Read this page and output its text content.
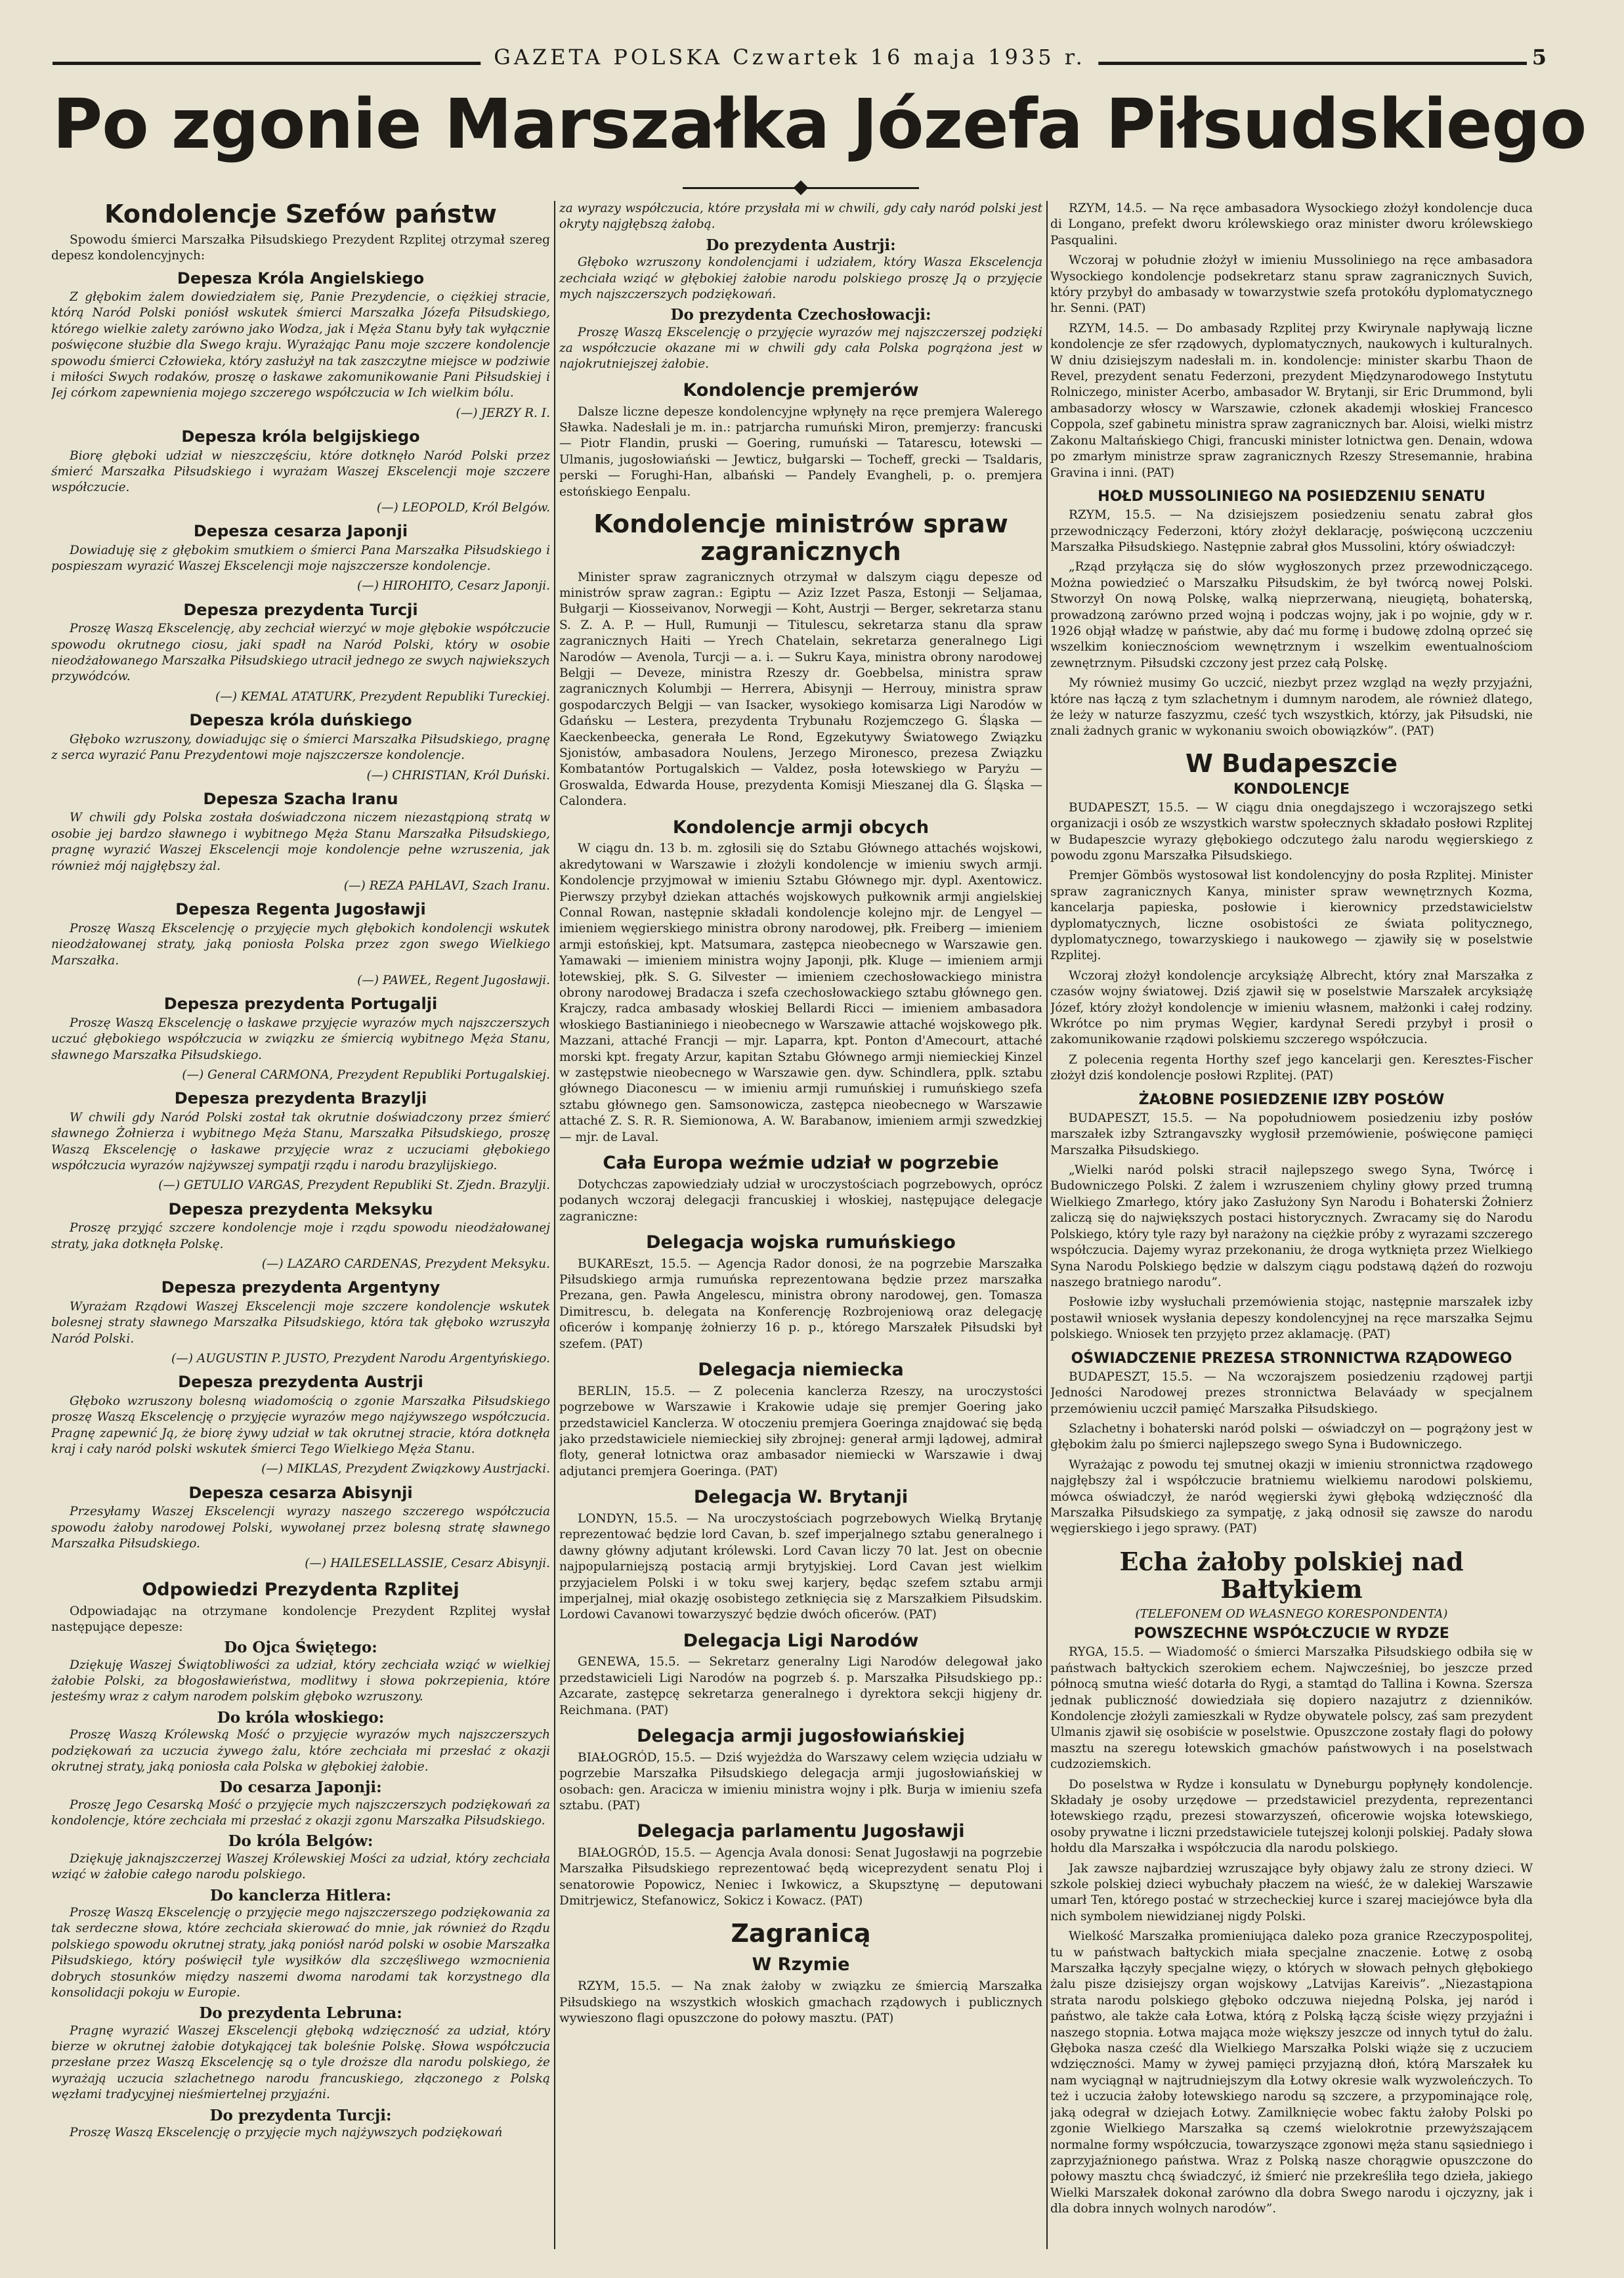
GAZETA POLSKA Czwartek 16 maja 1935 r.	5
Po zgonie Marszałka Józefa Piłsudskiego
Kondolencje Szefów państw

Spowodu śmierci Marszałka Piłsudskiego Prezydent Rzplitej otrzymał szereg depesz kondolencyjnych:

Depesza Króla Angielskiego

Z głębokim żalem dowiedziałem się, Panie Prezydencie, o ciężkiej stracie, którą Naród Polski poniósł wskutek śmierci Marszałka Józefa Piłsudskiego, którego wielkie zalety zarówno jako Wodza, jak i Męża Stanu były tak wyłącznie poświęcone służbie dla Swego kraju. Wyrażając Panu moje szczere kondolencje spowodu śmierci Człowieka, który zasłużył na tak zaszczytne miejsce w podziwie i miłości Swych rodaków, proszę o łaskawe zakomunikowanie Pani Piłsudskiej i Jej córkom zapewnienia mojego szczerego współczucia w Ich wielkim bólu.

(—) JERZY R. I.

Depesza króla belgijskiego

Biorę głęboki udział w nieszczęściu, które dotknęło Naród Polski przez śmierć Marszałka Piłsudskiego i wyrażam Waszej Ekscelencji moje szczere współczucie.

(—) LEOPOLD, Król Belgów.

Depesza cesarza Japonji

Dowiaduję się z głębokim smutkiem o śmierci Pana Marszałka Piłsudskiego i pospieszam wyrazić Waszej Ekscelencji moje najszczersze kondolencje.

(—) HIROHITO, Cesarz Japonji.

Depesza prezydenta Turcji

Proszę Waszą Ekscelencję, aby zechciał wierzyć w moje głębokie współczucie spowodu okrutnego ciosu, jaki spadł na Naród Polski, który w osobie nieodżałowanego Marszałka Piłsudskiego utracił jednego ze swych najwiekszych przywódców.

(—) KEMAL ATATURK, Prezydent Republiki Tureckiej.

Depesza króla duńskiego

Głęboko wzruszony, dowiadując się o śmierci Marszałka Piłsudskiego, pragnę z serca wyrazić Panu Prezydentowi moje najszczersze kondolencje.

(—) CHRISTIAN, Król Duński.

Depesza Szacha Iranu

W chwili gdy Polska została doświadczona niczem niezastąpioną stratą w osobie jej bardzo sławnego i wybitnego Męża Stanu Marszałka Piłsudskiego, pragnę wyrazić Waszej Ekscelencji moje kondolencje pełne wzruszenia, jak również mój najgłębszy żal.

(—) REZA PAHLAVI, Szach Iranu.

Depesza Regenta Jugosławji

Proszę Waszą Ekscelencję o przyjęcie mych głębokich kondolencji wskutek nieodżałowanej straty, jaką poniosła Polska przez zgon swego Wielkiego Marszałka.

(—) PAWEŁ, Regent Jugosławji.

Depesza prezydenta Portugalji

Proszę Waszą Ekscelencję o łaskawe przyjęcie wyrazów mych najszczerszych uczuć głębokiego współczucia w związku ze śmiercią wybitnego Męża Stanu, sławnego Marszałka Piłsudskiego.

(—) General CARMONA, Prezydent Republiki Portugalskiej.

Depesza prezydenta Brazylji

W chwili gdy Naród Polski został tak okrutnie doświadczony przez śmierć sławnego Żołnierza i wybitnego Męża Stanu, Marszałka Piłsudskiego, proszę Waszą Ekscelencję o łaskawe przyjęcie wraz z uczuciami głębokiego współczucia wyrazów najżywszej sympatji rządu i narodu brazylijskiego.

(—) GETULIO VARGAS, Prezydent Republiki St. Zjedn. Brazylji.

Depesza prezydenta Meksyku

Proszę przyjąć szczere kondolencje moje i rządu spowodu nieodżałowanej straty, jaka dotknęła Polskę.

(—) LAZARO CARDENAS, Prezydent Meksyku.

Depesza prezydenta Argentyny

Wyrażam Rządowi Waszej Ekscelencji moje szczere kondolencje wskutek bolesnej straty sławnego Marszałka Piłsudskiego, która tak głęboko wzruszyła Naród Polski.

(—) AUGUSTIN P. JUSTO, Prezydent Narodu Argentyńskiego.

Depesza prezydenta Austrji

Głęboko wzruszony bolesną wiadomością o zgonie Marszałka Piłsudskiego proszę Waszą Ekscelencję o przyjęcie wyrazów mego najżywszego współczucia. Pragnę zapewnić Ją, że biorę żywy udział w tak okrutnej stracie, która dotknęła kraj i cały naród polski wskutek śmierci Tego Wielkiego Męża Stanu.

(—) MIKLAS, Prezydent Związkowy Austrjacki.

Depesza cesarza Abisynji

Przesyłamy Waszej Ekscelencji wyrazy naszego szczerego współczucia spowodu żałoby narodowej Polski, wywołanej przez bolesną stratę sławnego Marszałka Piłsudskiego.

(—) HAILESELLASSIE, Cesarz Abisynji.

Odpowiedzi Prezydenta Rzplitej

Odpowiadając na otrzymane kondolencje Prezydent Rzplitej wysłał następujące depesze:

Do Ojca Świętego:

Dziękuję Waszej Świątobliwości za udział, który zechciała wziąć w wielkiej żałobie Polski, za błogosławieństwa, modlitwy i słowa pokrzepienia, które jesteśmy wraz z całym narodem polskim głęboko wzruszony.

Do króla włoskiego:

Proszę Waszą Królewską Mość o przyjęcie wyrazów mych najszczerszych podziękowań za uczucia żywego żalu, które zechciała mi przesłać z okazji okrutnej straty, jaką poniosła cała Polska w głębokiej żałobie.

Do cesarza Japonji:

Proszę Jego Cesarską Mość o przyjęcie mych najszczerszych podziękowań za kondolencje, które zechciała mi przesłać z okazji zgonu Marszałka Piłsudskiego.

Do króla Belgów:

Dziękuję jaknajszczerzej Waszej Królewskiej Mości za udział, który zechciała wziąć w żałobie całego narodu polskiego.

Do kanclerza Hitlera:

Proszę Waszą Ekscelencję o przyjęcie mego najszczerszego podziękowania za tak serdeczne słowa, które zechciała skierować do mnie, jak również do Rządu polskiego spowodu okrutnej straty, jaką poniósł naród polski w osobie Marszałka Piłsudskiego, który poświęcił tyle wysiłków dla szczęśliwego wzmocnienia dobrych stosunków między naszemi dwoma narodami tak korzystnego dla konsolidacji pokoju w Europie.

Do prezydenta Lebruna:

Pragnę wyrazić Waszej Ekscelencji głęboką wdzięczność za udział, który bierze w okrutnej żałobie dotykającej tak boleśnie Polskę. Słowa współczucia przesłane przez Waszą Ekscelencję są o tyle droższe dla narodu polskiego, że wyrażają uczucia szlachetnego narodu francuskiego, złączonego z Polską węzłami tradycyjnej nieśmiertelnej przyjaźni.

Do prezydenta Turcji:

Proszę Waszą Ekscelencję o przyjęcie mych najżywszych podziękowań

za wyrazy współczucia, które przysłała mi w chwili, gdy cały naród polski jest okryty najgłębszą żałobą.

Do prezydenta Austrji:

Głęboko wzruszony kondolencjami i udziałem, który Wasza Ekscelencja zechciała wziąć w głębokiej żałobie narodu polskiego proszę Ją o przyjęcie mych najszczerszych podziękowań.

Do prezydenta Czechosłowacji:

Proszę Waszą Ekscelencję o przyjęcie wyrazów mej najszczerszej podzięki za współczucie okazane mi w chwili gdy cała Polska pogrążona jest w najokrutniejszej żałobie.

Kondolencje premjerów

Dalsze liczne depesze kondolencyjne wpłynęły na ręce premjera Walerego Sławka. Nadesłali je m. in.: patrjarcha rumuński Miron, premjerzy: francuski — Piotr Flandin, pruski — Goering, rumuński — Tatarescu, łotewski — Ulmanis, jugosłowiański — Jewticz, bułgarski — Tocheff, grecki — Tsaldaris, perski — Forughi-Han, albański — Pandely Evangheli, p. o. premjera estońskiego Eenpalu.

Kondolencje ministrów spraw zagranicznych

Minister spraw zagranicznych otrzymał w dalszym ciągu depesze od ministrów spraw zagran.: Egiptu — Aziz Izzet Pasza, Estonji — Seljamaa, Bułgarji — Kiosseivanov, Norwegji — Koht, Austrji — Berger, sekretarza stanu S. Z. A. P. — Hull, Rumunji — Titulescu, sekretarza stanu dla spraw zagranicznych Haiti — Yrech Chatelain, sekretarza generalnego Ligi Narodów — Avenola, Turcji — a. i. — Sukru Kaya, ministra obrony narodowej Belgji — Deveze, ministra Rzeszy dr. Goebbelsa, ministra spraw zagranicznych Kolumbji — Herrera, Abisynji — Herrouy, ministra spraw gospodarczych Belgji — van Isacker, wysokiego komisarza Ligi Narodów w Gdańsku — Lestera, prezydenta Trybunału Rozjemczego G. Śląska — Kaeckenbeecka, generała Le Rond, Egzekutywy Światowego Związku Sjonistów, ambasadora Noulens, Jerzego Mironesco, prezesa Związku Kombatantów Portugalskich — Valdez, posła łotewskiego w Paryżu — Groswalda, Edwarda House, prezydenta Komisji Mieszanej dla G. Śląska — Calondera.

Kondolencje armji obcych

W ciągu dn. 13 b. m. zgłosili się do Sztabu Głównego attachés wojskowi, akredytowani w Warszawie i złożyli kondolencje w imieniu swych armji. Kondolencje przyjmował w imieniu Sztabu Głównego mjr. dypl. Axentowicz. Pierwszy przybył dziekan attachés wojskowych pułkownik armji angielskiej Connal Rowan, następnie składali kondolencje kolejno mjr. de Lengyel — imieniem węgierskiego ministra obrony narodowej, płk. Freiberg — imieniem armji estońskiej, kpt. Matsumara, zastępca nieobecnego w Warszawie gen. Yamawaki — imieniem ministra wojny Japonji, płk. Kluge — imieniem armji łotewskiej, płk. S. G. Silvester — imieniem czechosłowackiego ministra obrony narodowej Bradacza i szefa czechosłowackiego sztabu głównego gen. Krajczy, radca ambasady włoskiej Bellardi Ricci — imieniem ambasadora włoskiego Bastianiniego i nieobecnego w Warszawie attaché wojskowego płk. Mazzani, attaché Francji — mjr. Laparra, kpt. Ponton d'Amecourt, attaché morski kpt. fregaty Arzur, kapitan Sztabu Głównego armji niemieckiej Kinzel w zastępstwie nieobecnego w Warszawie gen. dyw. Schindlera, pplk. sztabu głównego Diaconescu — w imieniu armji rumuńskiej i rumuńskiego szefa sztabu głównego gen. Samsonowicza, zastępca nieobecnego w Warszawie attaché Z. S. R. R. Siemionowa, A. W. Barabanow, imieniem armji szwedzkiej — mjr. de Laval.

Cała Europa weźmie udział w pogrzebie

Dotychczas zapowiedziały udział w uroczystościach pogrzebowych, oprócz podanych wczoraj delegacji francuskiej i włoskiej, następujące delegacje zagraniczne:

Delegacja wojska rumuńskiego

BUKAREszt, 15.5. — Agencja Rador donosi, że na pogrzebie Marszałka Piłsudskiego armja rumuńska reprezentowana będzie przez marszałka Prezana, gen. Pawła Angelescu, ministra obrony narodowej, gen. Tomasza Dimitrescu, b. delegata na Konferencję Rozbrojeniową oraz delegację oficerów i kompanję żołnierzy 16 p. p., którego Marszałek Piłsudski był szefem. (PAT)

Delegacja niemiecka

BERLIN, 15.5. — Z polecenia kanclerza Rzeszy, na uroczystości pogrzebowe w Warszawie i Krakowie udaje się premjer Goering jako przedstawiciel Kanclerza. W otoczeniu premjera Goeringa znajdować się będą jako przedstawiciele niemieckiej siły zbrojnej: generał armji lądowej, admirał floty, generał lotnictwa oraz ambasador niemiecki w Warszawie i dwaj adjutanci premjera Goeringa. (PAT)

Delegacja W. Brytanji

LONDYN, 15.5. — Na uroczystościach pogrzebowych Wielką Brytanję reprezentować będzie lord Cavan, b. szef imperjalnego sztabu generalnego i dawny główny adjutant królewski. Lord Cavan liczy 70 lat. Jest on obecnie najpopularniejszą postacią armji brytyjskiej. Lord Cavan jest wielkim przyjacielem Polski i w toku swej karjery, będąc szefem sztabu armji imperjalnej, miał okazję osobistego zetknięcia się z Marszałkiem Piłsudskim. Lordowi Cavanowi towarzyszyć będzie dwóch oficerów. (PAT)

Delegacja Ligi Narodów

GENEWA, 15.5. — Sekretarz generalny Ligi Narodów delegował jako przedstawicieli Ligi Narodów na pogrzeb ś. p. Marszałka Piłsudskiego pp.: Azcarate, zastępcę sekretarza generalnego i dyrektora sekcji higjeny dr. Reichmana. (PAT)

Delegacja armji jugosłowiańskiej

BIAŁOGRÓD, 15.5. — Dziś wyjeżdża do Warszawy celem wzięcia udziału w pogrzebie Marszałka Piłsudskiego delegacja armji jugosłowiańskiej w osobach: gen. Aracicza w imieniu ministra wojny i płk. Burja w imieniu szefa sztabu. (PAT)

Delegacja parlamentu Jugosławji

BIAŁOGRÓD, 15.5. — Agencja Avala donosi: Senat Jugosławji na pogrzebie Marszałka Piłsudskiego reprezentować będą wiceprezydent senatu Ploj i senatorowie Popowicz, Neniec i Iwkowicz, a Skupsztynę — deputowani Dmitrjewicz, Stefanowicz, Sokicz i Kowacz. (PAT)

Zagranicą
W Rzymie

RZYM, 15.5. — Na znak żałoby w związku ze śmiercią Marszałka Piłsudskiego na wszystkich włoskich gmachach rządowych i publicznych wywieszono flagi opuszczone do połowy masztu. (PAT)

RZYM, 14.5. — Na ręce ambasadora Wysockiego złożył kondolencje duca di Longano, prefekt dworu królewskiego oraz minister dworu królewskiego Pasqualini.

Wczoraj w południe złożył w imieniu Mussoliniego na ręce ambasadora Wysockiego kondolencje podsekretarz stanu spraw zagranicznych Suvich, który przybył do ambasady w towarzystwie szefa protokółu dyplomatycznego hr. Senni. (PAT)

RZYM, 14.5. — Do ambasady Rzplitej przy Kwirynale napływają liczne kondolencje ze sfer rządowych, dyplomatycznych, naukowych i kulturalnych. W dniu dzisiejszym nadesłali m. in. kondolencje: minister skarbu Thaon de Revel, prezydent senatu Federzoni, prezydent Międzynarodowego Instytutu Rolniczego, minister Acerbo, ambasador W. Brytanji, sir Eric Drummond, byli ambasadorzy włoscy w Warszawie, członek akademji włoskiej Francesco Coppola, szef gabinetu ministra spraw zagranicznych bar. Aloisi, wielki mistrz Zakonu Maltańskiego Chigi, francuski minister lotnictwa gen. Denain, wdowa po zmarłym ministrze spraw zagranicznych Rzeszy Stresemannie, hrabina Gravina i inni. (PAT)

HOŁD MUSSOLINIEGO NA POSIEDZENIU SENATU

RZYM, 15.5. — Na dzisiejszem posiedzeniu senatu zabrał głos przewodniczący Federzoni, który złożył deklarację, poświęconą uczczeniu Marszałka Piłsudskiego. Następnie zabrał głos Mussolini, który oświadczył:

„Rząd przyłącza się do słów wygłoszonych przez przewodniczącego. Można powiedzieć o Marszałku Piłsudskim, że był twórcą nowej Polski. Stworzył On nową Polskę, walką nieprzerwaną, nieugiętą, bohaterską, prowadzoną zarówno przed wojną i podczas wojny, jak i po wojnie, gdy w r. 1926 objął władzę w państwie, aby dać mu formę i budowę zdolną oprzeć się wszelkim koniecznościom wewnętrznym i wszelkim ewentualnościom zewnętrznym. Piłsudski czczony jest przez całą Polskę.

My również musimy Go uczcić, niezbyt przez wzgląd na węzły przyjaźni, które nas łączą z tym szlachetnym i dumnym narodem, ale również dlatego, że leży w naturze faszyzmu, cześć tych wszystkich, którzy, jak Piłsudski, nie znali żadnych granic w wykonaniu swoich obowiązków”. (PAT)

W Budapeszcie
KONDOLENCJE

BUDAPESZT, 15.5. — W ciągu dnia onegdajszego i wczorajszego setki organizacji i osób ze wszystkich warstw społecznych składało posłowi Rzplitej w Budapeszcie wyrazy głębokiego odczutego żalu narodu węgierskiego z powodu zgonu Marszałka Piłsudskiego.

Premjer Gömbös wystosował list kondolencyjny do posła Rzplitej. Minister spraw zagranicznych Kanya, minister spraw wewnętrznych Kozma, kancelarja papieska, posłowie i kierownicy przedstawicielstw dyplomatycznych, liczne osobistości ze świata politycznego, dyplomatycznego, towarzyskiego i naukowego — zjawiły się w poselstwie Rzplitej.

Wczoraj złożył kondolencje arcyksiążę Albrecht, który znał Marszałka z czasów wojny światowej. Dziś zjawił się w poselstwie Marszałek arcyksiążę Józef, który złożył kondolencje w imieniu własnem, małżonki i całej rodziny. Wkrótce po nim prymas Węgier, kardynał Seredi przybył i prosił o zakomunikowanie rządowi polskiemu szczerego współczucia.

Z polecenia regenta Horthy szef jego kancelarji gen. Keresztes-Fischer złożył dziś kondolencje posłowi Rzplitej. (PAT)

ŻAŁOBNE POSIEDZENIE IZBY POSŁÓW

BUDAPESZT, 15.5. — Na popołudniowem posiedzeniu izby posłów marszałek izby Sztrangavszky wygłosił przemówienie, poświęcone pamięci Marszałka Piłsudskiego.

„Wielki naród polski stracił najlepszego swego Syna, Twórcę i Budowniczego Polski. Z żalem i wzruszeniem chyliny głowy przed trumną Wielkiego Zmarłego, który jako Zasłużony Syn Narodu i Bohaterski Żołnierz zaliczą się do największych postaci historycznych. Zwracamy się do Narodu Polskiego, który tyle razy był narażony na ciężkie próby z wyrazami szczerego współczucia. Dajemy wyraz przekonaniu, że droga wytknięta przez Wielkiego Syna Narodu Polskiego będzie w dalszym ciągu podstawą dążeń do rozwoju naszego bratniego narodu”.

Posłowie izby wysłuchali przemówienia stojąc, następnie marszałek izby postawił wniosek wysłania depeszy kondolencyjnej na ręce marszałka Sejmu polskiego. Wniosek ten przyjęto przez aklamację. (PAT)

OŚWIADCZENIE PREZESA STRONNICTWA RZĄDOWEGO

BUDAPESZT, 15.5. — Na wczorajszem posiedzeniu rządowej partji Jedności Narodowej prezes stronnictwa Belaváady w specjalnem przemówieniu uczcił pamięć Marszałka Piłsudskiego.

Szlachetny i bohaterski naród polski — oświadczył on — pogrążony jest w głębokim żalu po śmierci najlepszego swego Syna i Budowniczego.

Wyrażając z powodu tej smutnej okazji w imieniu stronnictwa rządowego najgłębszy żal i współczucie bratniemu wielkiemu narodowi polskiemu, mówca oświadczył, że naród węgierski żywi głęboką wdzięczność dla Marszałka Piłsudskiego za sympatję, z jaką odnosił się zawsze do narodu węgierskiego i jego sprawy. (PAT)

Echa żałoby polskiej nad Bałtykiem
(TELEFONEM OD WŁASNEGO KORESPONDENTA)
POWSZECHNE WSPÓŁCZUCIE W RYDZE

RYGA, 15.5. — Wiadomość o śmierci Marszałka Piłsudskiego odbiła się w państwach bałtyckich szerokiem echem. Najwcześniej, bo jeszcze przed północą smutna wieść dotarła do Rygi, a stamtąd do Tallina i Kowna. Szersza jednak publiczność dowiedziała się dopiero nazajutrz z dzienników. Kondolencje złożyli zamieszkali w Rydze obywatele polscy, zaś sam prezydent Ulmanis zjawił się osobiście w poselstwie. Opuszczone zostały flagi do połowy masztu na szeregu łotewskich gmachów państwowych i na poselstwach cudzoziemskich.

Do poselstwa w Rydze i konsulatu w Dyneburgu popłynęły kondolencje. Składały je osoby urzędowe — przedstawiciel prezydenta, reprezentanci łotewskiego rządu, prezesi stowarzyszeń, oficerowie wojska łotewskiego, osoby prywatne i liczni przedstawiciele tutejszej kolonji polskiej. Padały słowa hołdu dla Marszałka i współczucia dla narodu polskiego.

Jak zawsze najbardziej wzruszające były objawy żalu ze strony dzieci. W szkole polskiej dzieci wybuchały płaczem na wieść, że w dalekiej Warszawie umarł Ten, którego postać w strzecheckiej kurce i szarej maciejówce była dla nich symbolem niewidzianej nigdy Polski.

Wielkość Marszałka promieniująca daleko poza granice Rzeczypospolitej, tu w państwach bałtyckich miała specjalne znaczenie. Łotwę z osobą Marszałka łączyły specjalne więzy, o których w słowach pełnych głębokiego żalu pisze dzisiejszy organ wojskowy „Latvijas Kareivis”. „Niezastąpiona strata narodu polskiego głęboko odczuwa niejedną Polska, jej naród i państwo, ale także cała Łotwa, którą z Polską łączą ścisłe więzy przyjaźni i naszego stopnia. Łotwa mająca może większy jeszcze od innych tytuł do żalu. Głęboka nasza cześć dla Wielkiego Marszałka Polski wiąże się z uczuciem wdzięczności. Mamy w żywej pamięci przyjazną dłoń, którą Marszałek ku nam wyciągnął w najtrudniejszym dla Łotwy okresie walk wyzwoleńczych. To też i uczucia żałoby łotewskiego narodu są szczere, a przypominające rolę, jaką odegrał w dziejach Łotwy. Zamilknięcie wobec faktu żałoby Polski po zgonie Wielkiego Marszałka są czemś wielokrotnie przewyższającem normalne formy współczucia, towarzyszące zgonowi męża stanu sąsiedniego i zaprzyjaźnionego państwa. Wraz z Polską nasze chorągwie opuszczone do połowy masztu chcą świadczyć, iż śmierć nie przekreśliła tego dzieła, jakiego Wielki Marszałek dokonał zarówno dla dobra Swego narodu i ojczyzny, jak i dla dobra innych wolnych narodów”.
